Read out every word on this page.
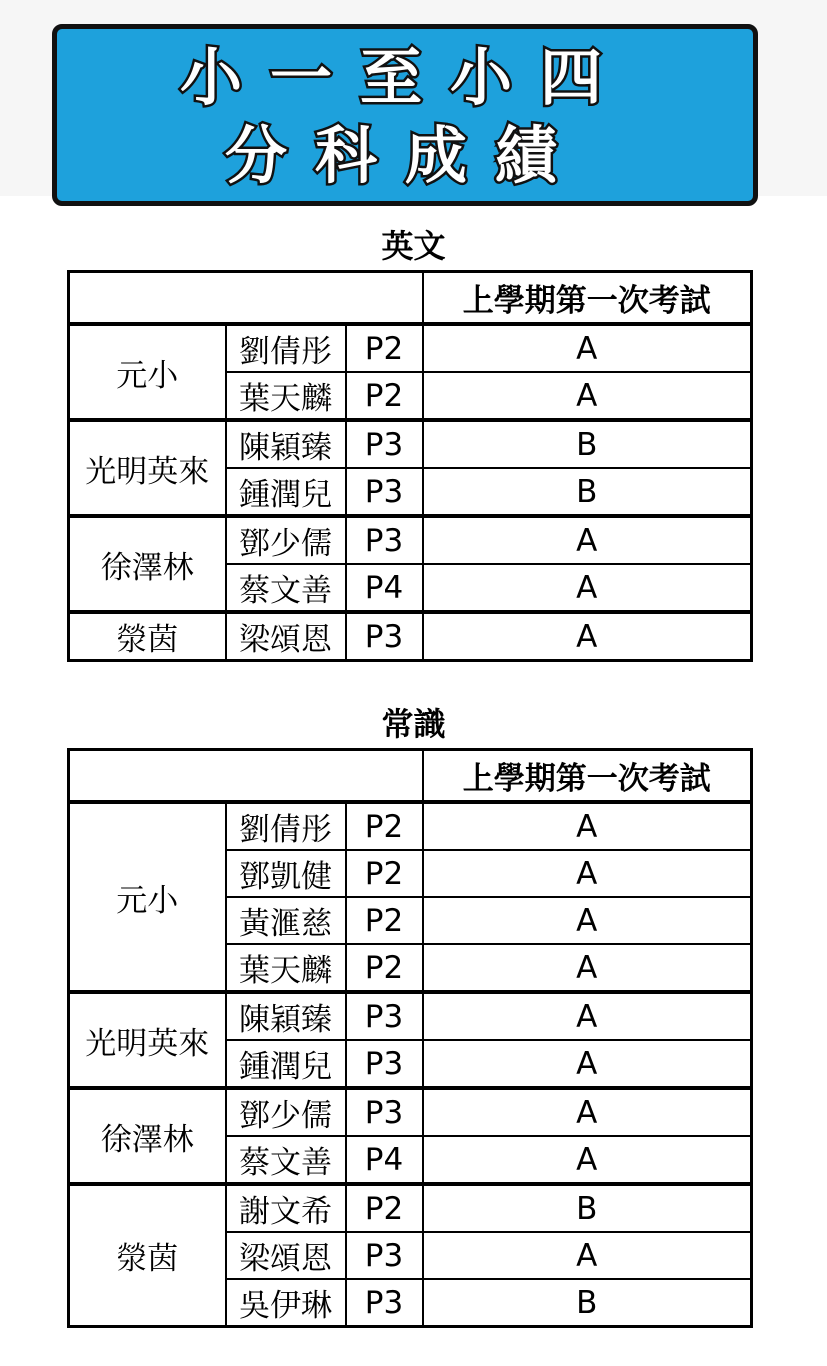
小一至小四
分科成績
英文
			上學期第一次考試
元小	劉倩彤	P2	A
	葉天麟	P2	A
光明英來	陳穎臻	P3	B
	鍾潤兒	P3	B
徐澤林	鄧少儒	P3	A
	蔡文善	P4	A
滎茵	梁頌恩	P3	A
常識
			上學期第一次考試
元小	劉倩彤	P2	A
	鄧凱健	P2	A
	黃滙慈	P2	A
	葉天麟	P2	A
光明英來	陳穎臻	P3	A
	鍾潤兒	P3	A
徐澤林	鄧少儒	P3	A
	蔡文善	P4	A
滎茵	謝文希	P2	B
	梁頌恩	P3	A
	吳伊琳	P3	B
